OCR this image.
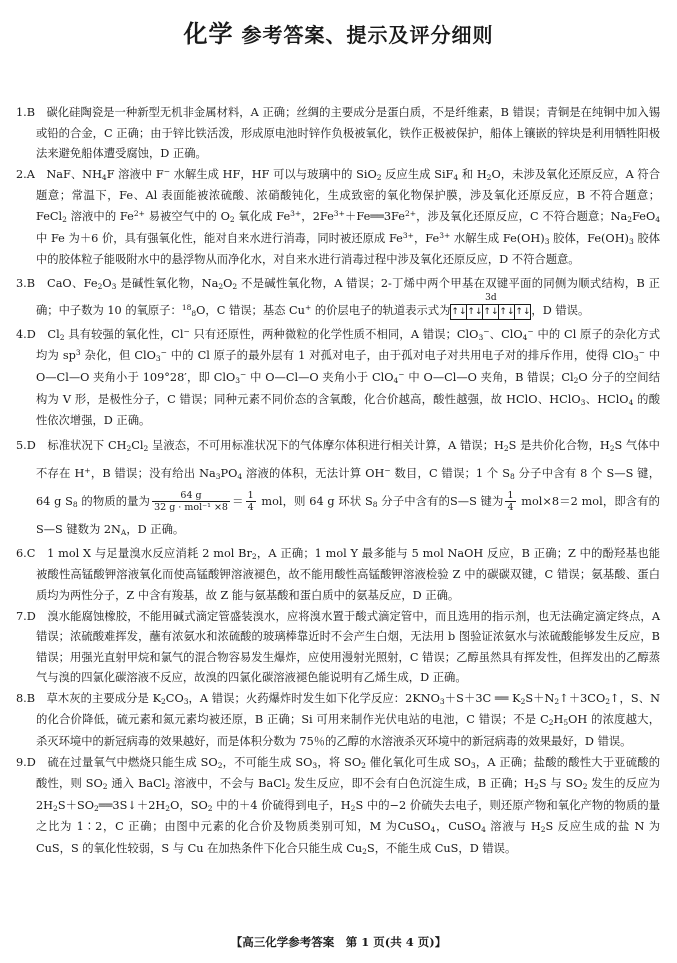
化学 参考答案、提示及评分细则

1.B　碳化硅陶瓷是一种新型无机非金属材料，A 正确；丝绸的主要成分是蛋白质，不是纤维素，B 错误；青铜是在纯铜中加入锡或铅的合金，C 正确；由于锌比铁活泼，形成原电池时锌作负极被氧化，铁作正极被保护，船体上镶嵌的锌块是利用牺牲阳极法来避免船体遭受腐蚀，D 正确。

2.A　NaF、NH4F 溶液中 F− 水解生成 HF，HF 可以与玻璃中的 SiO2 反应生成 SiF4 和 H2O，未涉及氧化还原反应，A 符合题意；常温下，Fe、Al 表面能被浓硫酸、浓硝酸钝化，生成致密的氧化物保护膜，涉及氧化还原反应，B 不符合题意；FeCl2 溶液中的 $Fe^{2+}$ 易被空气中的 O2 氧化成 $Fe^{3+}$，$2Fe^{3+}+Fe══3Fe^{2+}$，涉及氧化还原反应，C 不符合题意；Na2FeO4 中 Fe 为＋6 价，具有强氧化性，能对自来水进行消毒，同时被还原成 $Fe^{3+}$，$Fe^{3+}$ 水解生成 Fe(OH)3 胶体，Fe(OH)3 胶体中的胶体粒子能吸附水中的悬浮物从而净化水，对自来水进行消毒过程中涉及氧化还原反应，D 不符合题意。

3.B　CaO、Fe2O3 是碱性氧化物，Na2O2 不是碱性氧化物，A 错误；2-丁烯中两个甲基在双键平面的同侧为顺式结构，B 正确；中子数为 10 的氧原子：$^{18}$8O，C 错误；基态 Cu+ 的价层电子的轨道表示式为
3d
↑↓ ↑↓ ↑↓ ↑↓ ↑↓ ，D 错误。

4.D　Cl2 具有较强的氧化性，Cl− 只有还原性，两种微粒的化学性质不相同，A 错误；ClO3−、ClO4− 中的 Cl 原子的杂化方式均为 $sp^3$ 杂化，但 ClO3− 中的 Cl 原子的最外层有 1 对孤对电子，由于孤对电子对共用电子对的排斥作用，使得 ClO3− 中 O—Cl—O 夹角小于 109°28′，即 ClO3− 中 O—Cl—O 夹角小于 ClO4− 中 O—Cl—O 夹角，B 错误；Cl2O 分子的空间结构为 V 形，是极性分子，C 错误；同种元素不同价态的含氧酸，化合价越高，酸性越强，故 HClO、HClO3、HClO4 的酸性依次增强，D 正确。

5.D　标准状况下 CH2Cl2 呈液态，不可用标准状况下的气体摩尔体积进行相关计算，A 错误；H2S 是共价化合物，H2S 气体中不存在 H+，B 错误；没有给出 Na3PO4 溶液的体积，无法计算 OH− 数目，C 错误；1 个 S8 分子中含有 8 个 S—S 键，64 g S8 的物质的量为 $\frac{64 g}{\text{32 g · mol⁻¹ ×8}} = \frac{1}{4}$ mol，则 64 g 环状 S8 分子中含有的S—S 键为 $\frac{1}{4} mol\times 8=2$ mol，即含有的 S—S 键数为 2NA，D 正确。

6.C　1 mol X 与足量溴水反应消耗 2 mol Br2，A 正确；1 mol Y 最多能与 5 mol NaOH 反应，B 正确；Z 中的酚羟基也能被酸性高锰酸钾溶液氧化而使高锰酸钾溶液褪色，故不能用酸性高锰酸钾溶液检验 Z 中的碳碳双键，C 错误；氨基酸、蛋白质均为两性分子，Z 中含有羧基，故 Z 能与氨基酸和蛋白质中的氨基反应，D 正确。

7.D　溴水能腐蚀橡胶，不能用碱式滴定管盛装溴水，应将溴水置于酸式滴定管中，而且选用的指示剂，也无法确定滴定终点，A 错误；浓硫酸难挥发，蘸有浓氨水和浓硫酸的玻璃棒靠近时不会产生白烟，无法用 b 图验证浓氨水与浓硫酸能够发生反应，B 错误；用强光直射甲烷和氯气的混合物容易发生爆炸，应使用漫射光照射，C 错误；乙醇虽然具有挥发性，但挥发出的乙醇蒸气与溴的四氯化碳溶液不反应，故溴的四氯化碳溶液褪色能说明有乙烯生成，D 正确。

8.B　草木灰的主要成分是 K2CO3，A 错误；火药爆炸时发生如下化学反应：2KNO3＋S＋3C ══ K2S＋N2↑＋3CO2↑，S、N 的化合价降低，硫元素和氮元素均被还原，B 正确；Si 可用来制作光伏电站的电池，C 错误；不是 C2H5OH 的浓度越大，杀灭环境中的新冠病毒的效果越好，而是体积分数为 75％的乙醇的水溶液杀灭环境中的新冠病毒的效果最好，D 错误。

9.D　硫在过量氧气中燃烧只能生成 SO2，不可能生成 SO3，将 SO2 催化氧化可生成 SO3，A 正确；盐酸的酸性大于亚硫酸的酸性，则 SO2 通入 BaCl2 溶液中，不会与 BaCl2 发生反应，即不会有白色沉淀生成，B 正确；H2S 与 SO2 发生的反应为 2H2S＋SO2══3S↓＋2H2O，SO2 中的＋4 价硫得到电子，H2S 中的−2 价硫失去电子，则还原产物和氧化产物的物质的量之比为 1∶2，C 正确；由图中元素的化合价及物质类别可知，M 为CuSO4，CuSO4 溶液与 H2S 反应生成的盐 N 为 CuS，S 的氧化性较弱，S 与 Cu 在加热条件下化合只能生成 Cu2S，不能生成 CuS，D 错误。

【高三化学参考答案　第 1 页(共 4 页)】
